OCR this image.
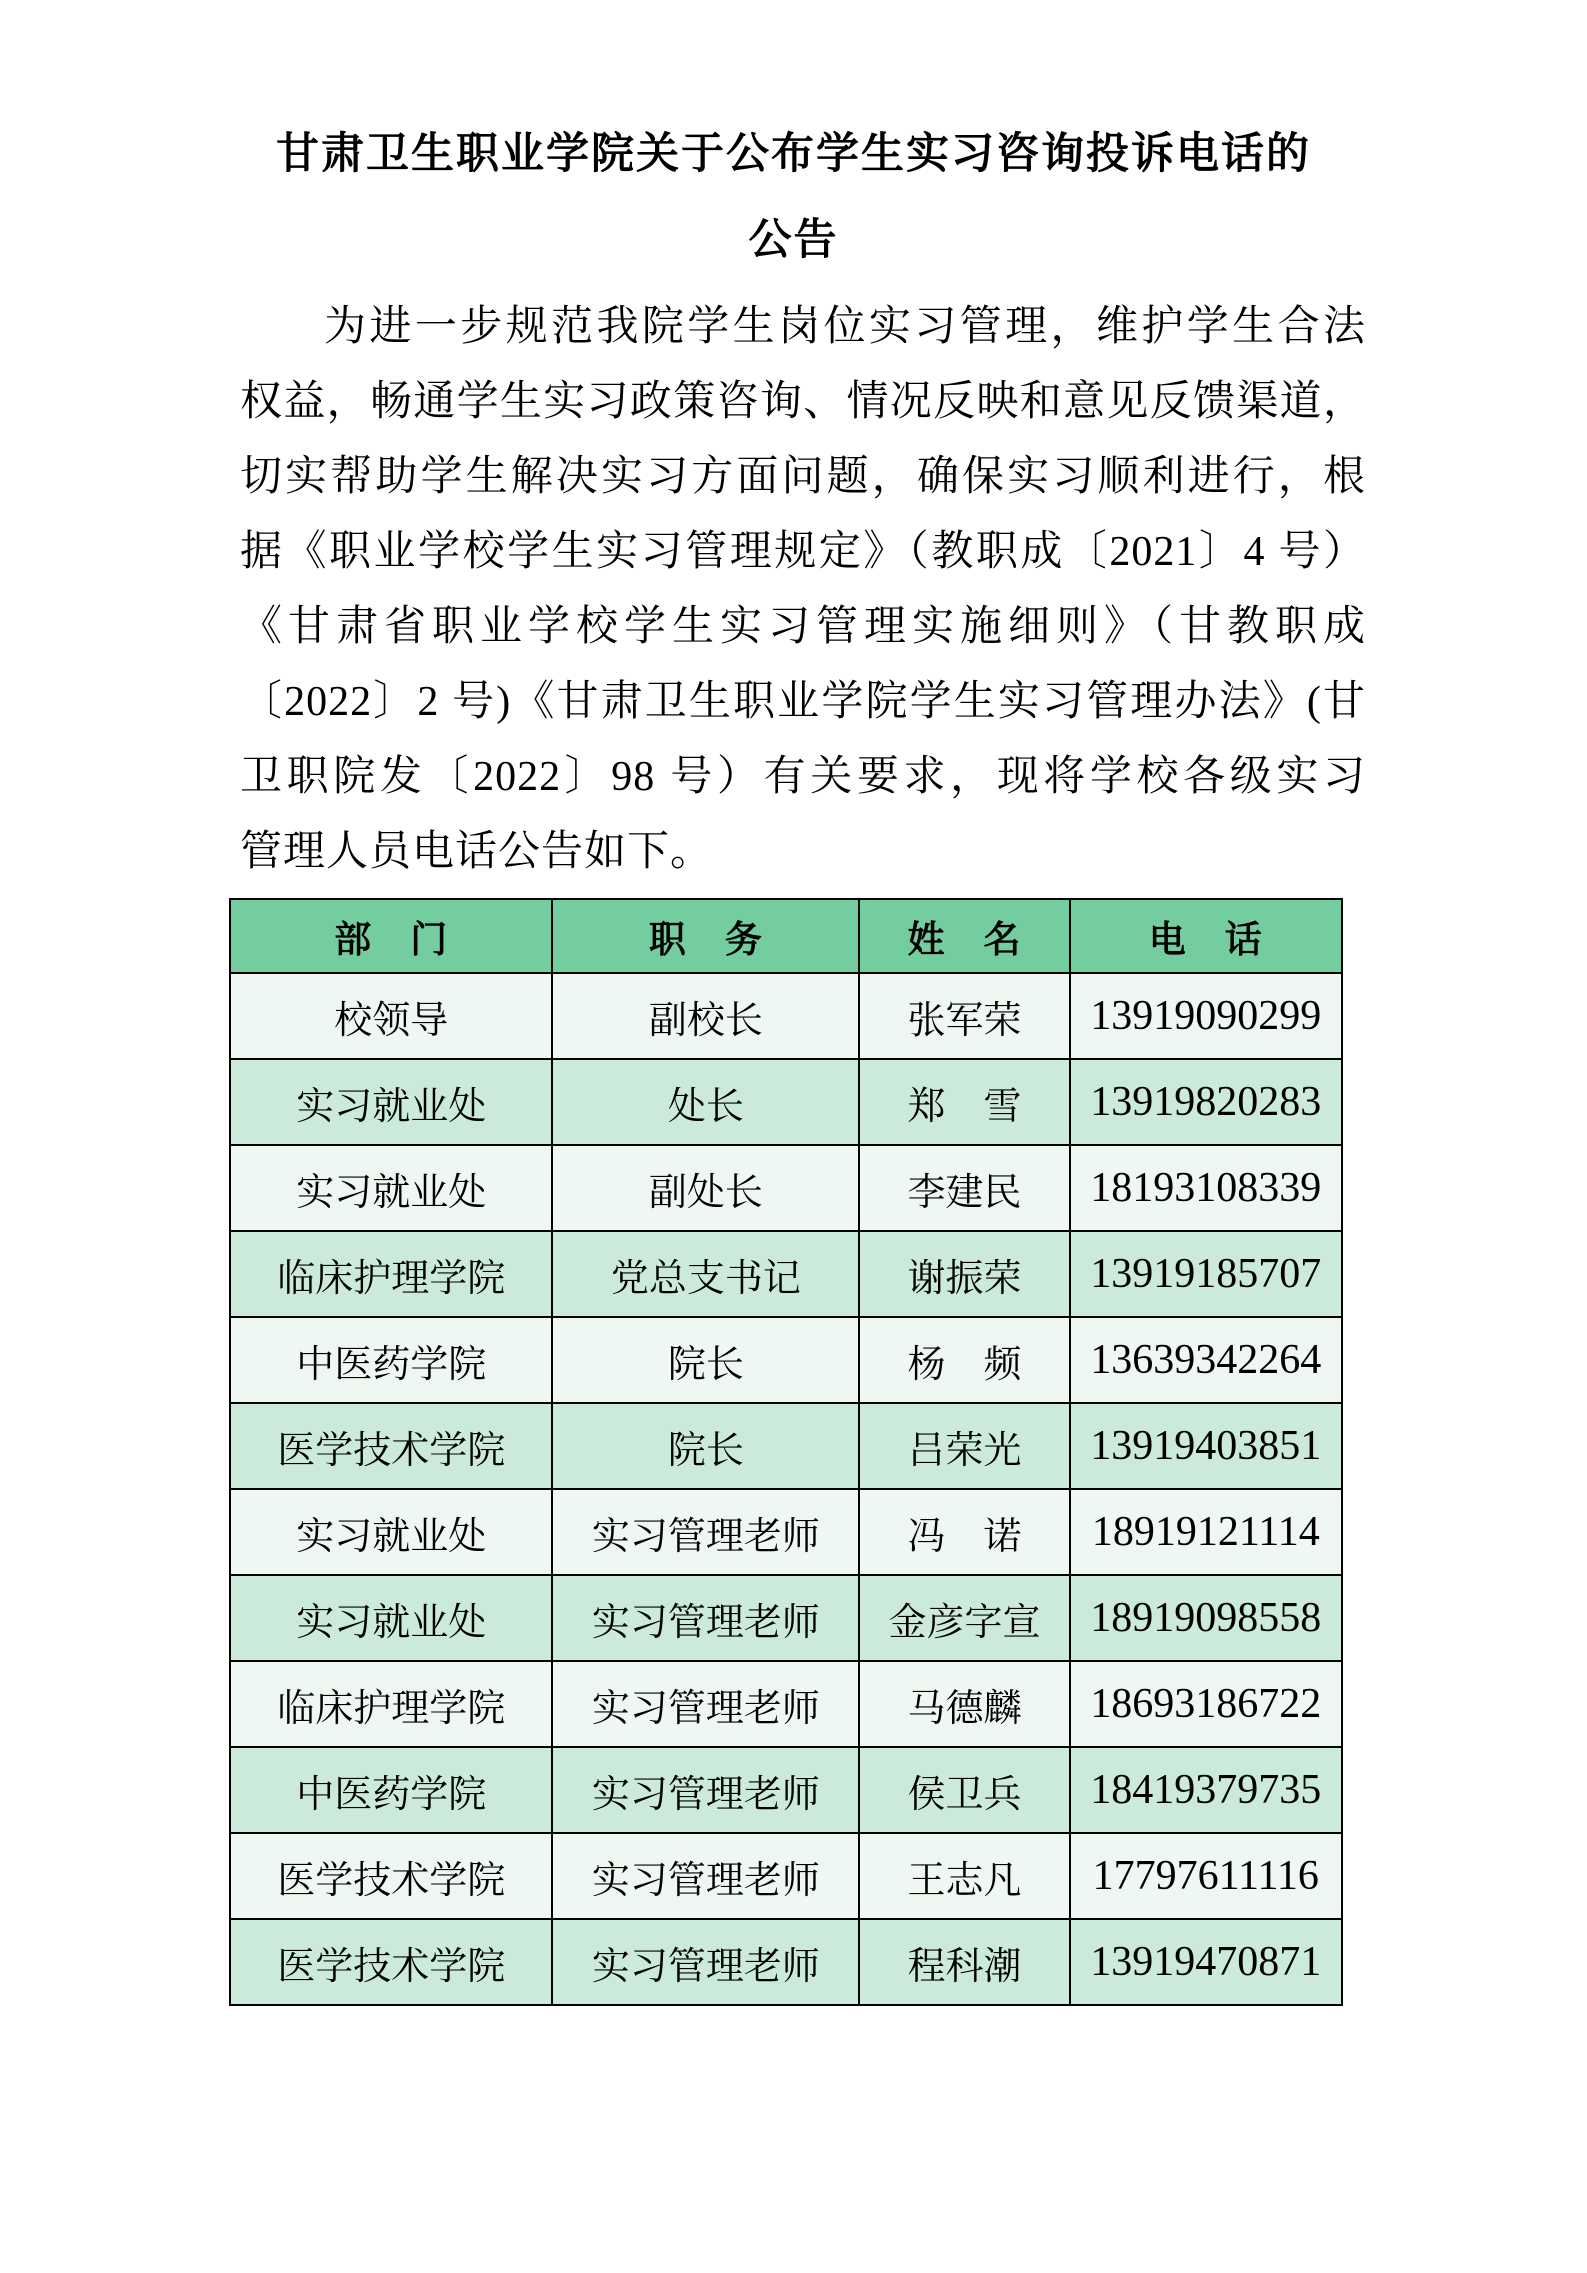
甘肃卫生职业学院关于公布学生实习咨询投诉电话的
公告
为进一步规范我院学生岗位实习管理，维护学生合法
权益，畅通学生实习政策咨询、情况反映和意见反馈渠道，
切实帮助学生解决实习方面问题，确保实习顺利进行，根
据《职业学校学生实习管理规定》（教职成〔2021〕4 号）
《甘肃省职业学校学生实习管理实施细则》（甘教职成
〔2022〕2 号)《甘肃卫生职业学院学生实习管理办法》(甘
卫职院发〔2022〕98 号）有关要求，现将学校各级实习
管理人员电话公告如下。
部　门	职　务	姓　名	电　话
校领导	副校长	张军荣	13919090299
实习就业处	处长	郑　雪	13919820283
实习就业处	副处长	李建民	18193108339
临床护理学院	党总支书记	谢振荣	13919185707
中医药学院	院长	杨　频	13639342264
医学技术学院	院长	吕荣光	13919403851
实习就业处	实习管理老师	冯　诺	18919121114
实习就业处	实习管理老师	金彦字宣	18919098558
临床护理学院	实习管理老师	马德麟	18693186722
中医药学院	实习管理老师	侯卫兵	18419379735
医学技术学院	实习管理老师	王志凡	17797611116
医学技术学院	实习管理老师	程科潮	13919470871
